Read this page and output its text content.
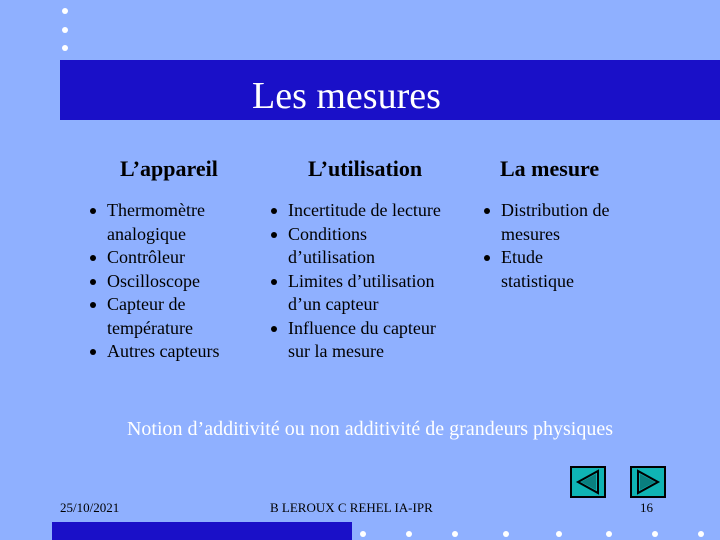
Les mesures
L’appareil	L’utilisation	La mesure
Thermomètre
analogique
Contrôleur
Oscilloscope
Capteur de
température
Autres capteurs
Incertitude de lecture
Conditions
d’utilisation
Limites d’utilisation
d’un capteur
Influence du capteur
sur la mesure
Distribution de
mesures
Etude
statistique
Notion d’additivité ou non additivité de grandeurs physiques
25/10/2021	B LEROUX C REHEL IA-IPR	16
